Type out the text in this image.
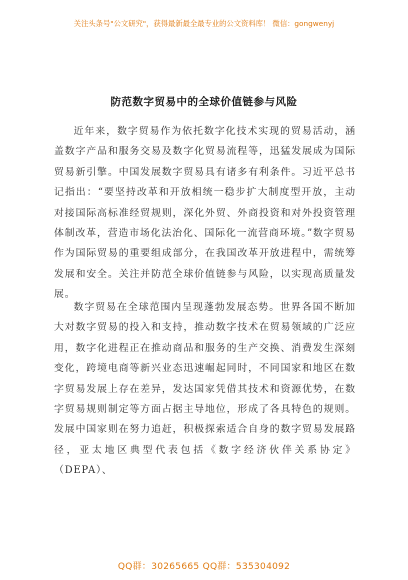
关注头条号"公文研究"，获得最新最全最专业的公文资料库！ 微信：gongwenyj
防范数字贸易中的全球价值链参与风险

近年来，数字贸易作为依托数字化技术实现的贸易活动，涵盖数字产品和服务交易及数字化贸易流程等，迅猛发展成为国际贸易新引擎。中国发展数字贸易具有诸多有利条件。习近平总书记指出：“要坚持改革和开放相统一稳步扩大制度型开放，主动对接国际高标准经贸规则，深化外贸、外商投资和对外投资管理体制改革，营造市场化法治化、国际化一流营商环境。”数字贸易作为国际贸易的重要组成部分，在我国改革开放进程中，需统筹发展和安全。关注并防范全球价值链参与风险，以实现高质量发展。

数字贸易在全球范围内呈现蓬勃发展态势。世界各国不断加大对数字贸易的投入和支持，推动数字技术在贸易领域的广泛应用，数字化进程正在推动商品和服务的生产交换、消费发生深刻变化，跨境电商等新兴业态迅速崛起同时，不同国家和地区在数字贸易发展上存在差异，发达国家凭借其技术和资源优势，在数字贸易规则制定等方面占据主导地位，形成了各具特色的规则。发展中国家则在努力追赶，积极探索适合自身的数字贸易发展路径，亚太地区典型代表包括《数字经济伙伴关系协定》（DEPA）、

QQ群：30265665 QQ群：535304092
